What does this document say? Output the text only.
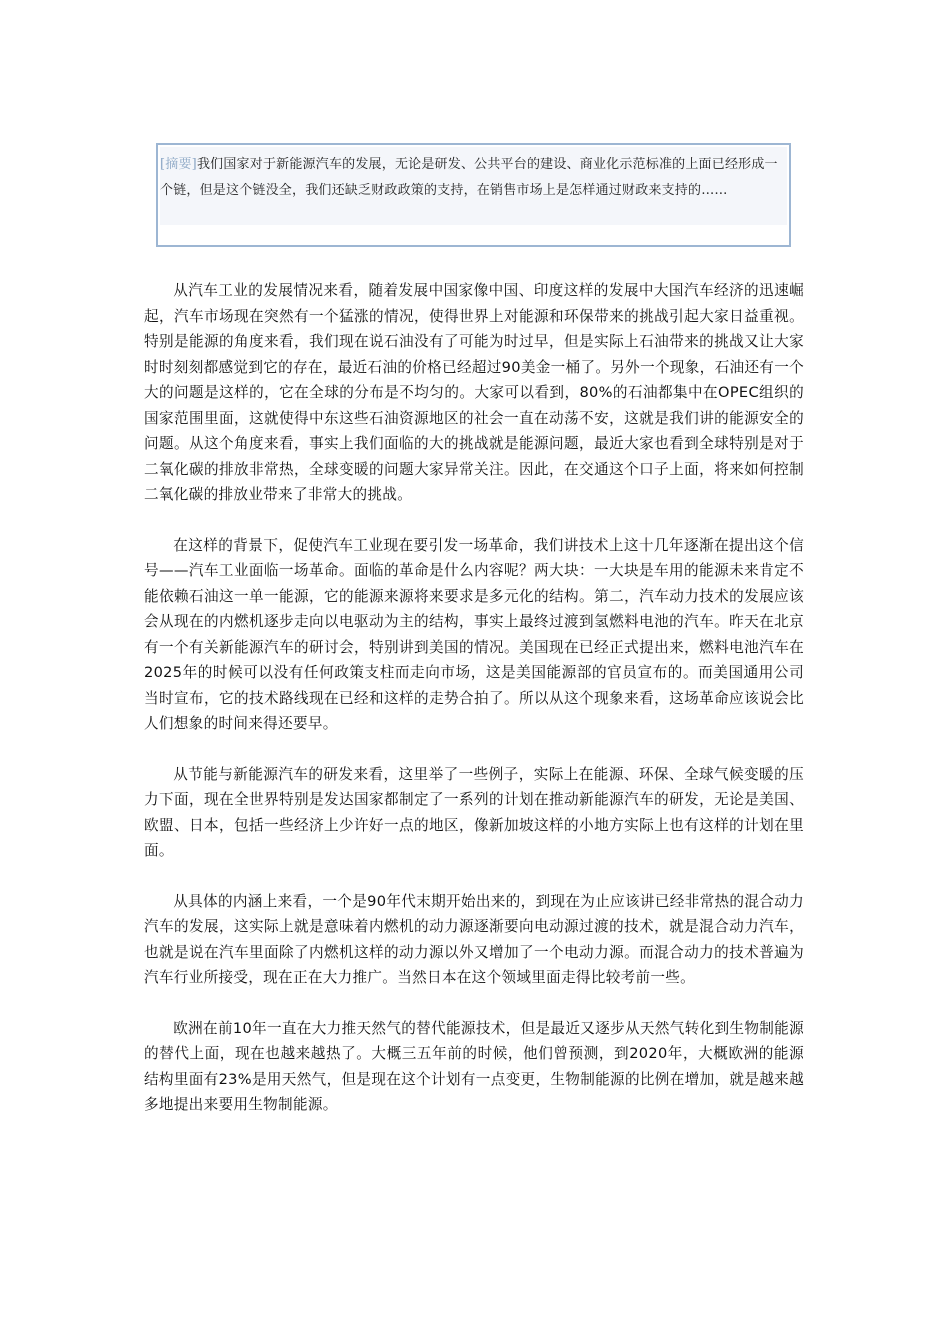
[摘要]我们国家对于新能源汽车的发展，无论是研发、公共平台的建设、商业化示范标准的上面已经形成一个链，但是这个链没全，我们还缺乏财政政策的支持，在销售市场上是怎样通过财政来支持的……

从汽车工业的发展情况来看，随着发展中国家像中国、印度这样的发展中大国汽车经济的迅速崛起，汽车市场现在突然有一个猛涨的情况，使得世界上对能源和环保带来的挑战引起大家日益重视。特别是能源的角度来看，我们现在说石油没有了可能为时过早，但是实际上石油带来的挑战又让大家时时刻刻都感觉到它的存在，最近石油的价格已经超过90美金一桶了。另外一个现象，石油还有一个大的问题是这样的，它在全球的分布是不均匀的。大家可以看到，80%的石油都集中在OPEC组织的国家范围里面，这就使得中东这些石油资源地区的社会一直在动荡不安，这就是我们讲的能源安全的问题。从这个角度来看，事实上我们面临的大的挑战就是能源问题，最近大家也看到全球特别是对于二氧化碳的排放非常热，全球变暖的问题大家异常关注。因此，在交通这个口子上面，将来如何控制二氧化碳的排放业带来了非常大的挑战。

在这样的背景下，促使汽车工业现在要引发一场革命，我们讲技术上这十几年逐渐在提出这个信号——汽车工业面临一场革命。面临的革命是什么内容呢？两大块：一大块是车用的能源未来肯定不能依赖石油这一单一能源，它的能源来源将来要求是多元化的结构。第二，汽车动力技术的发展应该会从现在的内燃机逐步走向以电驱动为主的结构，事实上最终过渡到氢燃料电池的汽车。昨天在北京有一个有关新能源汽车的研讨会，特别讲到美国的情况。美国现在已经正式提出来，燃料电池汽车在2025年的时候可以没有任何政策支柱而走向市场，这是美国能源部的官员宣布的。而美国通用公司当时宣布，它的技术路线现在已经和这样的走势合拍了。所以从这个现象来看，这场革命应该说会比人们想象的时间来得还要早。

从节能与新能源汽车的研发来看，这里举了一些例子，实际上在能源、环保、全球气候变暖的压力下面，现在全世界特别是发达国家都制定了一系列的计划在推动新能源汽车的研发，无论是美国、欧盟、日本，包括一些经济上少许好一点的地区，像新加坡这样的小地方实际上也有这样的计划在里面。

从具体的内涵上来看，一个是90年代末期开始出来的，到现在为止应该讲已经非常热的混合动力汽车的发展，这实际上就是意味着内燃机的动力源逐渐要向电动源过渡的技术，就是混合动力汽车，也就是说在汽车里面除了内燃机这样的动力源以外又增加了一个电动力源。而混合动力的技术普遍为汽车行业所接受，现在正在大力推广。当然日本在这个领域里面走得比较考前一些。

欧洲在前10年一直在大力推天然气的替代能源技术，但是最近又逐步从天然气转化到生物制能源的替代上面，现在也越来越热了。大概三五年前的时候，他们曾预测，到2020年，大概欧洲的能源结构里面有23%是用天然气，但是现在这个计划有一点变更，生物制能源的比例在增加，就是越来越多地提出来要用生物制能源。
